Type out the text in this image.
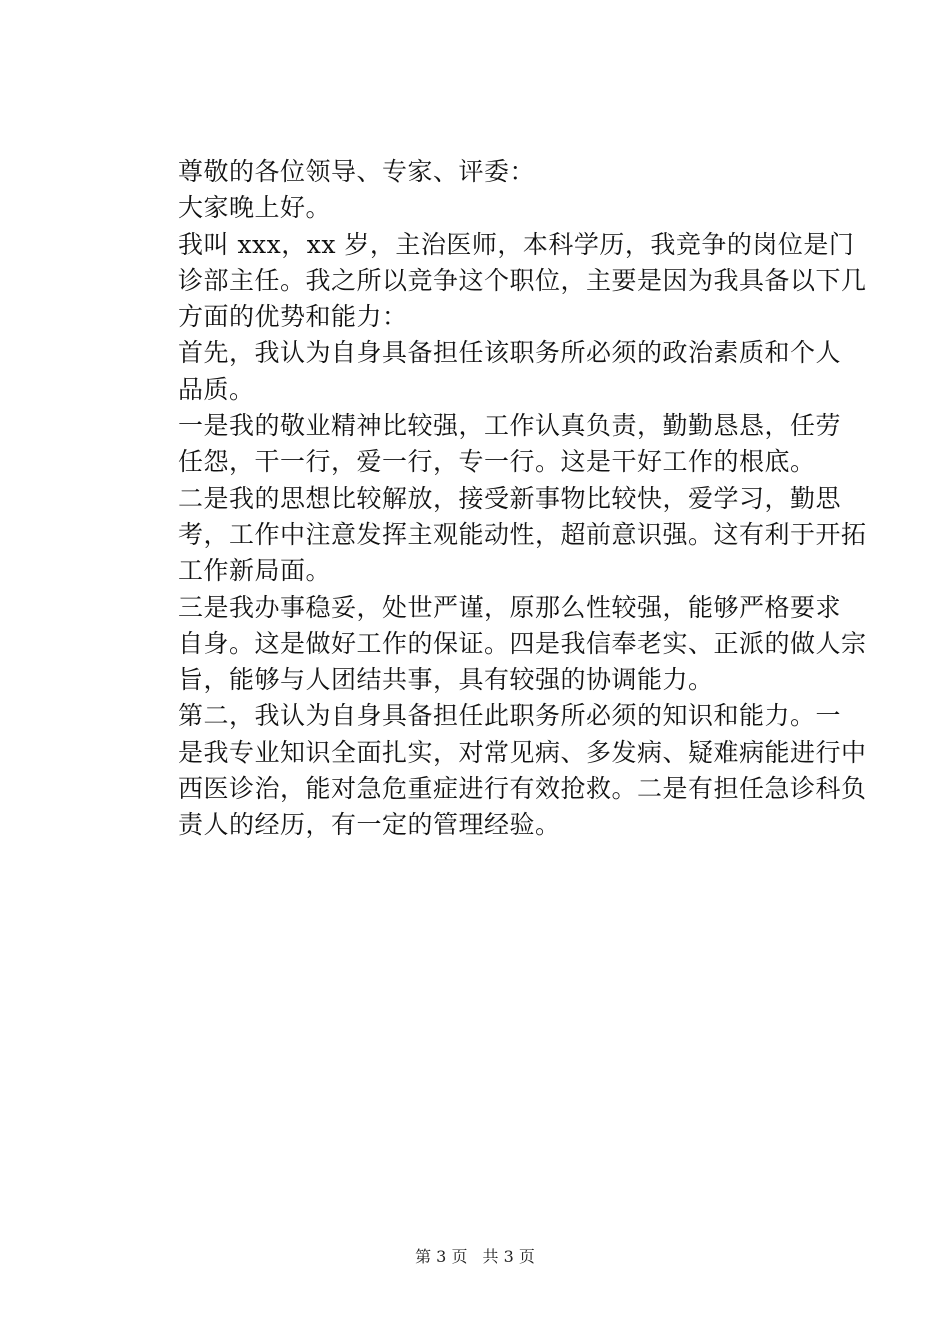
尊敬的各位领导、专家、评委：

大家晚上好。

我叫 xxx，xx 岁，主治医师，本科学历，我竞争的岗位是门
诊部主任。我之所以竞争这个职位，主要是因为我具备以下几
方面的优势和能力：

首先，我认为自身具备担任该职务所必须的政治素质和个人
品质。

一是我的敬业精神比较强，工作认真负责，勤勤恳恳，任劳
任怨，干一行，爱一行，专一行。这是干好工作的根底。

二是我的思想比较解放，接受新事物比较快，爱学习，勤思
考，工作中注意发挥主观能动性，超前意识强。这有利于开拓
工作新局面。

三是我办事稳妥，处世严谨，原那么性较强，能够严格要求
自身。这是做好工作的保证。四是我信奉老实、正派的做人宗
旨，能够与人团结共事，具有较强的协调能力。

第二，我认为自身具备担任此职务所必须的知识和能力。一
是我专业知识全面扎实，对常见病、多发病、疑难病能进行中
西医诊治，能对急危重症进行有效抢救。二是有担任急诊科负
责人的经历，有一定的管理经验。

第 3 页 共 3 页
